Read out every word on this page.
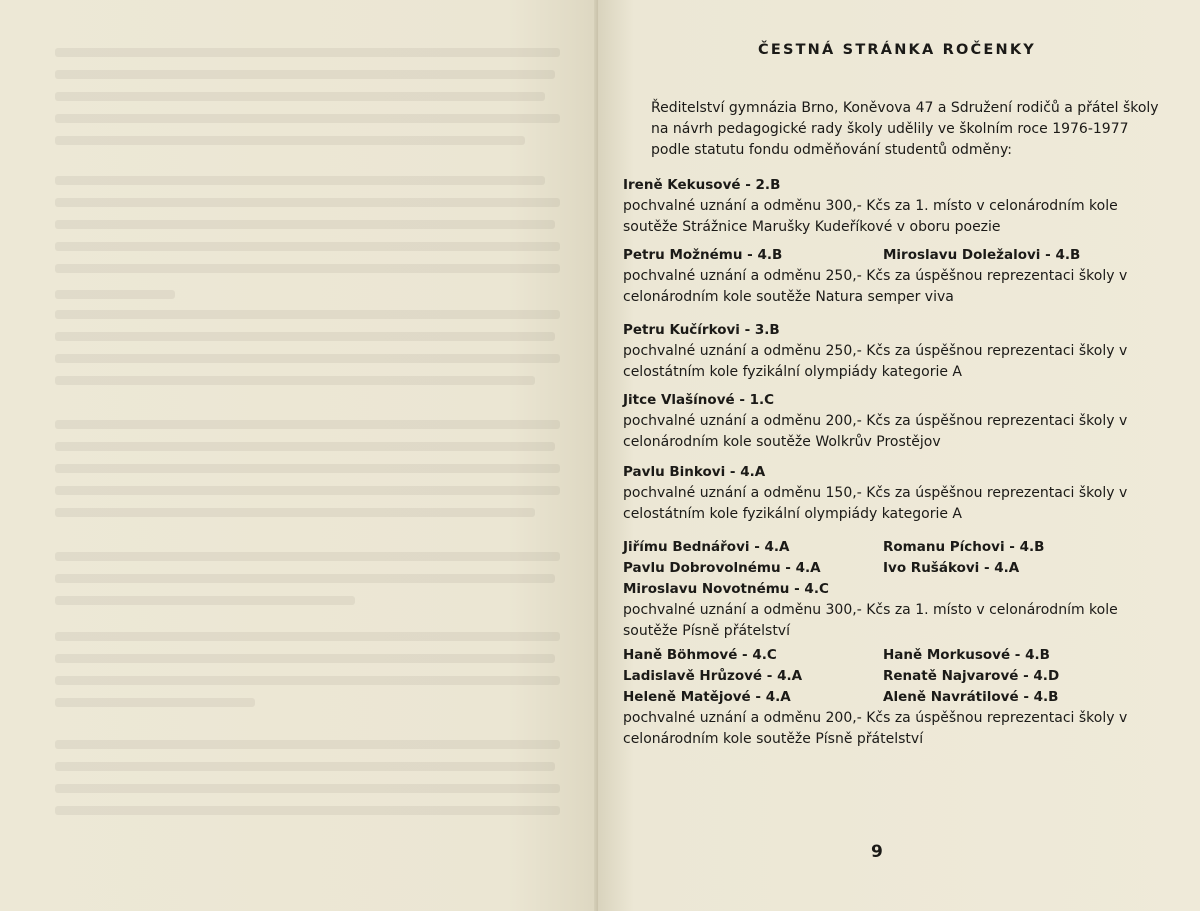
ČESTNÁ STRÁNKA ROČENKY
Ředitelství gymnázia Brno, Koněvova 47 a Sdružení rodičů a přátel školy na návrh pedagogické rady školy udělily ve školním roce 1976-1977 podle statutu fondu odměňování studentů odměny:
Ireně Kekusové - 2.B
pochvalné uznání a odměnu 300,- Kčs za 1. místo v celonárodním kole soutěže Strážnice Marušky Kudeříkové v oboru poezie
Petru Možnému - 4.B	Miroslavu Doležalovi - 4.B
pochvalné uznání a odměnu 250,- Kčs za úspěšnou reprezentaci školy v celonárodním kole soutěže Natura semper viva
Petru Kučírkovi - 3.B
pochvalné uznání a odměnu 250,- Kčs za úspěšnou reprezentaci školy v celostátním kole fyzikální olympiády kategorie A
Jitce Vlašínové - 1.C
pochvalné uznání a odměnu 200,- Kčs za úspěšnou reprezentaci školy v celonárodním kole soutěže Wolkrův Prostějov
Pavlu Binkovi - 4.A
pochvalné uznání a odměnu 150,- Kčs za úspěšnou reprezentaci školy v celostátním kole fyzikální olympiády kategorie A
Jiřímu Bednářovi - 4.A	Romanu Píchovi - 4.B
Pavlu Dobrovolnému - 4.A	Ivo Rušákovi - 4.A
Miroslavu Novotnému - 4.C
pochvalné uznání a odměnu 300,- Kčs za 1. místo v celonárodním kole soutěže Písně přátelství
Haně Böhmové - 4.C	Haně Morkusové - 4.B
Ladislavě Hrůzové - 4.A	Renatě Najvarové - 4.D
Heleně Matějové - 4.A	Aleně Navrátilové - 4.B
pochvalné uznání a odměnu 200,- Kčs za úspěšnou reprezentaci školy v celonárodním kole soutěže Písně přátelství
9
